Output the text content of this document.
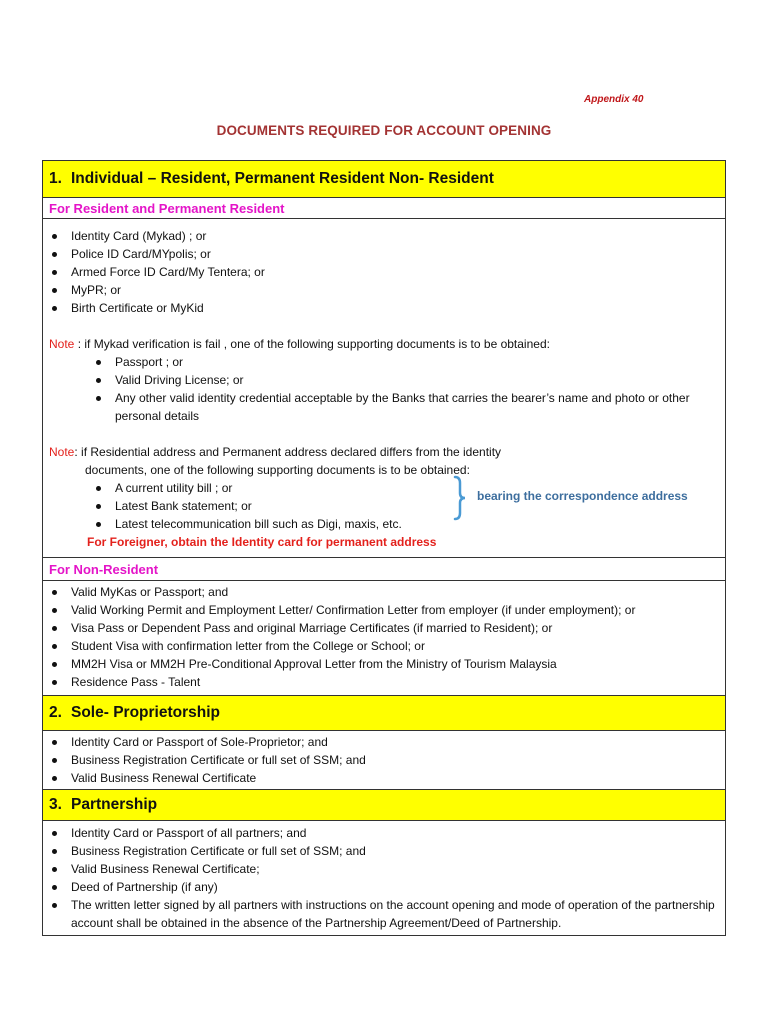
Appendix 40
DOCUMENTS REQUIRED FOR ACCOUNT OPENING
1. Individual – Resident, Permanent Resident Non- Resident
For Resident and Permanent Resident

Identity Card (Mykad) ; or
Police ID Card/MYpolis; or
Armed Force ID Card/My Tentera; or
MyPR; or
Birth Certificate or MyKid
Note : if Mykad verification is fail , one of the following supporting documents is to be obtained:
Passport ; or
Valid Driving License; or
Any other valid identity credential acceptable by the Banks that carries the bearer’s name and photo or other personal details
Note: if Residential address and Permanent address declared differs from the identity
documents, one of the following supporting documents is to be obtained:
A current utility bill ; or
Latest Bank statement; or
Latest telecommunication bill such as Digi, maxis, etc.
bearing the correspondence address
For Foreigner, obtain the Identity card for permanent address

For Non-Resident

Valid MyKas or Passport; and
Valid Working Permit and Employment Letter/ Confirmation Letter from employer (if under employment); or
Visa Pass or Dependent Pass and original Marriage Certificates (if married to Resident); or
Student Visa with confirmation letter from the College or School; or
MM2H Visa or MM2H Pre-Conditional Approval Letter from the Ministry of Tourism Malaysia
Residence Pass - Talent

2. Sole- Proprietorship

Identity Card or Passport of Sole-Proprietor; and
Business Registration Certificate or full set of SSM; and
Valid Business Renewal Certificate

3. Partnership

Identity Card or Passport of all partners; and
Business Registration Certificate or full set of SSM; and
Valid Business Renewal Certificate;
Deed of Partnership (if any)
The written letter signed by all partners with instructions on the account opening and mode of operation of the partnership account shall be obtained in the absence of the Partnership Agreement/Deed of Partnership.
